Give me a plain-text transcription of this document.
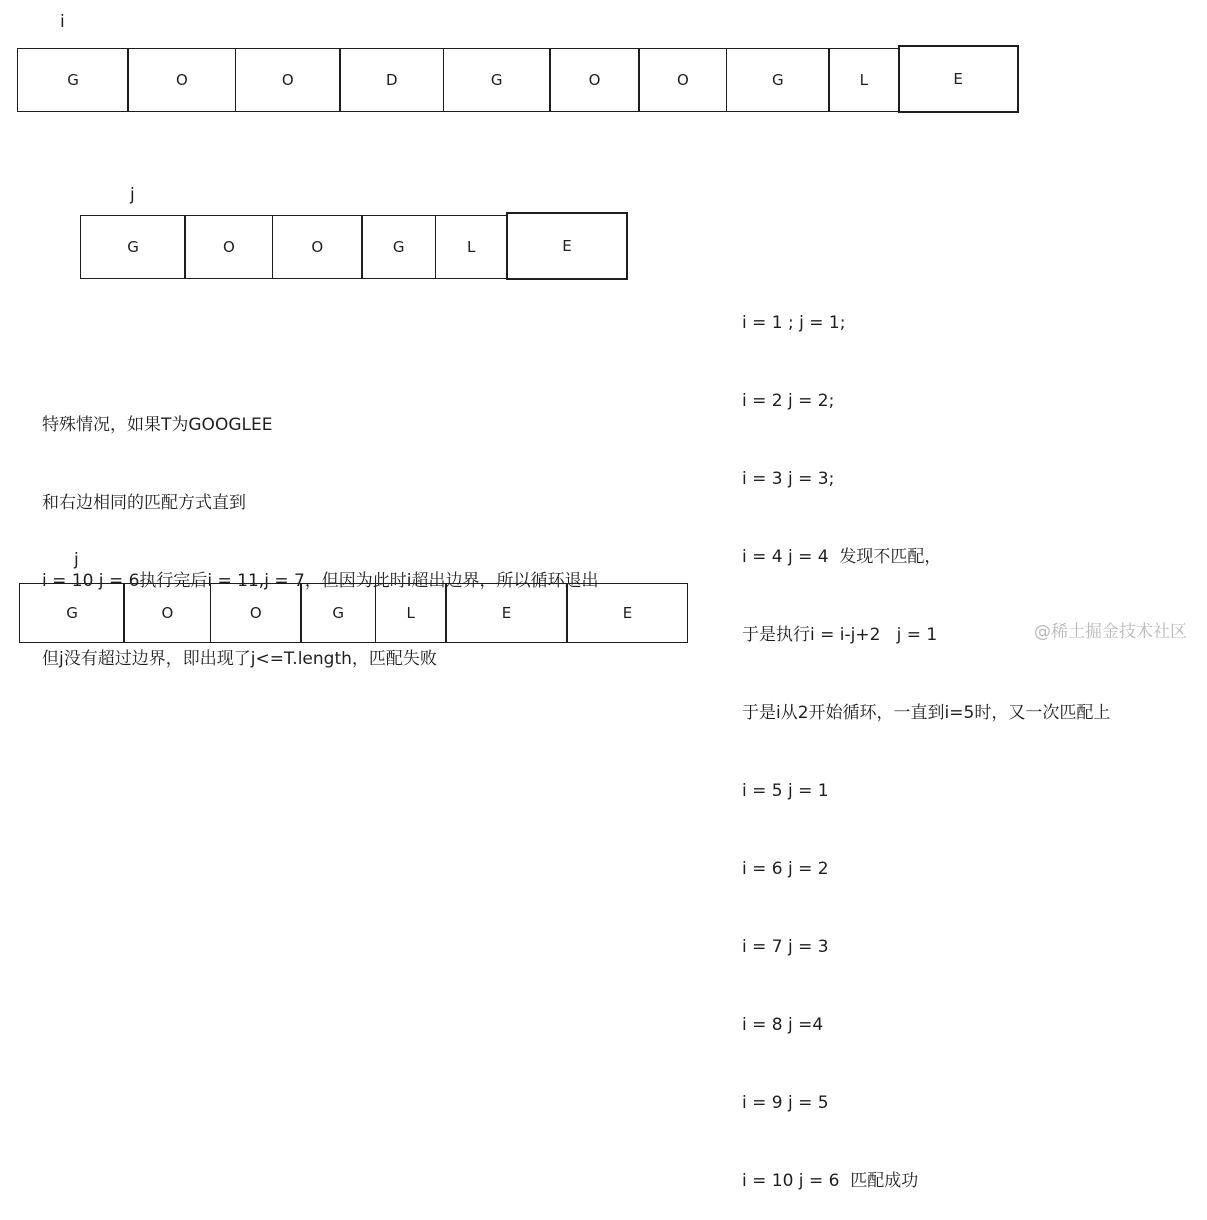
i
j
j
G	O	O	D	G	O	O	G	L	E
G	O	O	G	L	E

特殊情况，如果T为GOOGLEE

和右边相同的匹配方式直到

i = 10 j = 6执行完后i = 11,j = 7，但因为此时i超出边界，所以循环退出

但j没有超过边界，即出现了j<=T.length，匹配失败

i = 1 ; j = 1;

i = 2 j = 2;

i = 3 j = 3;

i = 4 j = 4  发现不匹配，

于是执行i = i-j+2   j = 1

于是i从2开始循环，一直到i=5时，又一次匹配上

i = 5 j = 1

i = 6 j = 2

i = 7 j = 3

i = 8 j =4

i = 9 j = 5

i = 10 j = 6  匹配成功

G	O	O	G	L	E	E
@稀土掘金技术社区
